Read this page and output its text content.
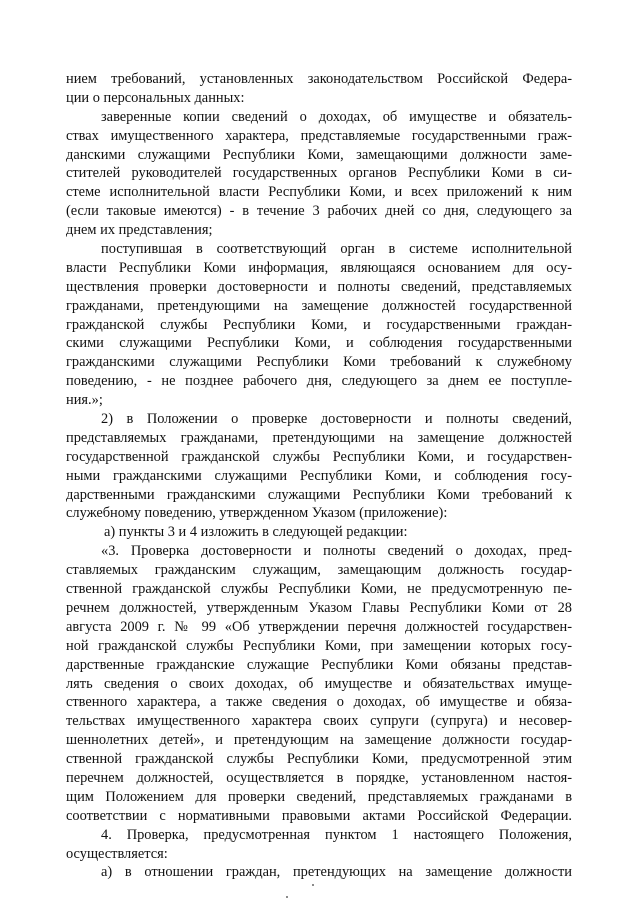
нием требований, установленных законодательством Российской Федера-
ции о персональных данных:
заверенные копии сведений о доходах, об имуществе и обязатель-
ствах имущественного характера, представляемые государственными граж-
данскими служащими Республики Коми, замещающими должности заме-
стителей руководителей государственных органов Республики Коми в си-
стеме исполнительной власти Республики Коми, и всех приложений к ним
(если таковые имеются) - в течение 3 рабочих дней со дня, следующего за
днем их представления;
поступившая в соответствующий орган в системе исполнительной
власти Республики Коми информация, являющаяся основанием для осу-
ществления проверки достоверности и полноты сведений, представляемых
гражданами, претендующими на замещение должностей государственной
гражданской службы Республики Коми, и государственными граждан-
скими служащими Республики Коми, и соблюдения государственными
гражданскими служащими Республики Коми требований к служебному
поведению, - не позднее рабочего дня, следующего за днем ее поступле-
ния.»;
2) в Положении о проверке достоверности и полноты сведений,
представляемых гражданами, претендующими на замещение должностей
государственной гражданской службы Республики Коми, и государствен-
ными гражданскими служащими Республики Коми, и соблюдения госу-
дарственными гражданскими служащими Республики Коми требований к
служебному поведению, утвержденном Указом (приложение):
а) пункты 3 и 4 изложить в следующей редакции:
«3. Проверка достоверности и полноты сведений о доходах, пред-
ставляемых гражданским служащим, замещающим должность государ-
ственной гражданской службы Республики Коми, не предусмотренную пе-
речнем должностей, утвержденным Указом Главы Республики Коми от 28
августа 2009 г. № 99 «Об утверждении перечня должностей государствен-
ной гражданской службы Республики Коми, при замещении которых госу-
дарственные гражданские служащие Республики Коми обязаны представ-
лять сведения о своих доходах, об имуществе и обязательствах имуще-
ственного характера, а также сведения о доходах, об имуществе и обяза-
тельствах имущественного характера своих супруги (супруга) и несовер-
шеннолетних детей», и претендующим на замещение должности государ-
ственной гражданской службы Республики Коми, предусмотренной этим
перечнем должностей, осуществляется в порядке, установленном настоя-
щим Положением для проверки сведений, представляемых гражданами в
соответствии с нормативными правовыми актами Российской Федерации.
4. Проверка, предусмотренная пунктом 1 настоящего Положения,
осуществляется:
а) в отношении граждан, претендующих на замещение должности
